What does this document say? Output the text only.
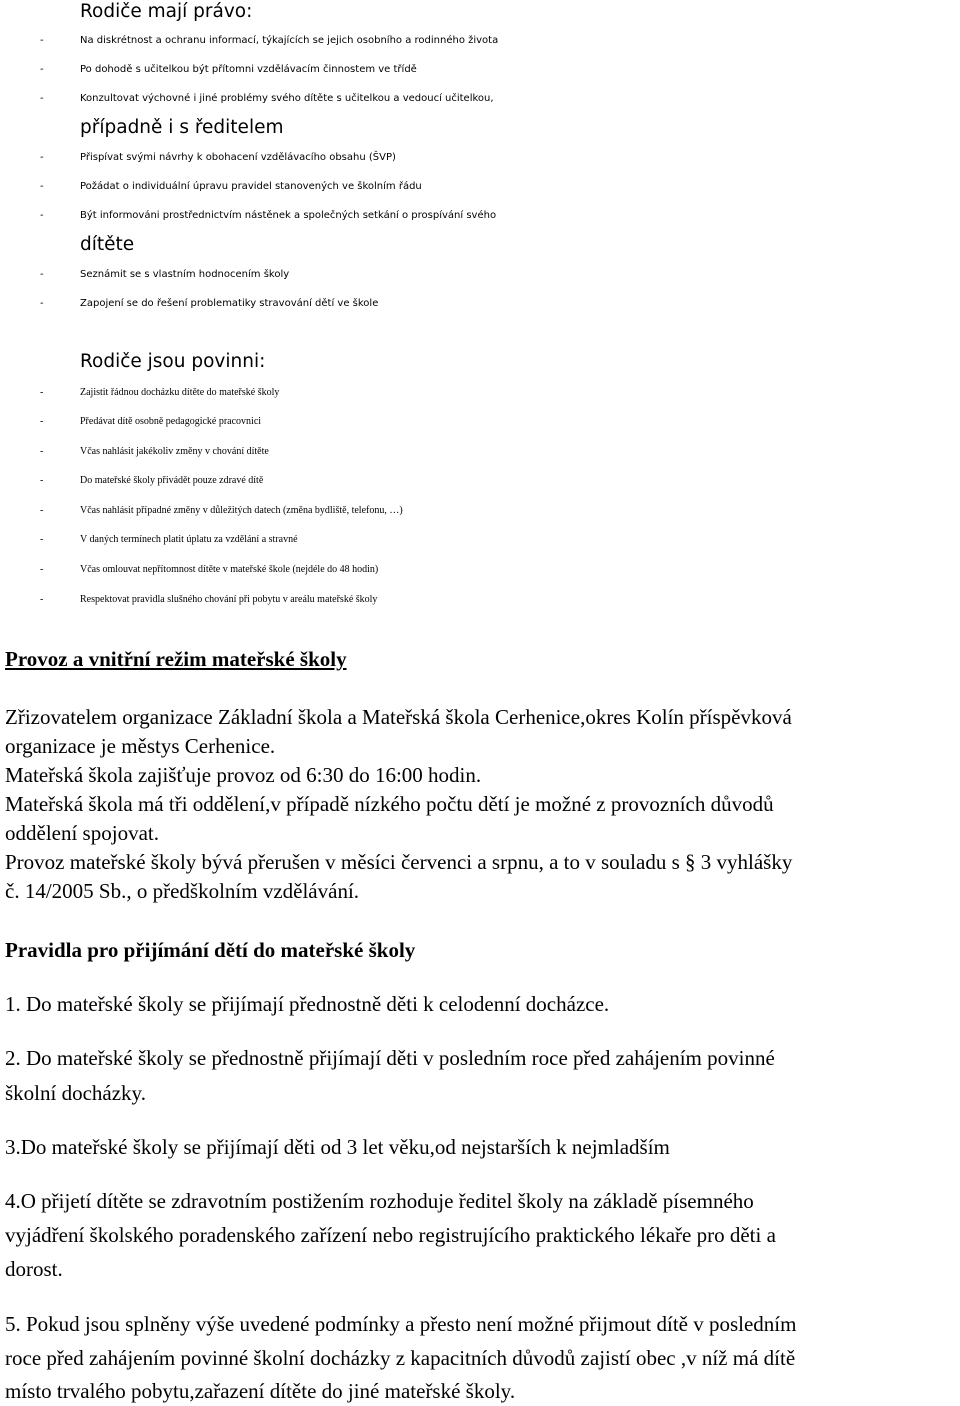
Rodiče mají právo:
-	Na diskrétnost a ochranu informací, týkajících se jejich osobního a rodinného života
-	Po dohodě s učitelkou být přítomni vzdělávacím činnostem ve třídě
-	Konzultovat výchovné i jiné problémy svého dítěte s učitelkou a vedoucí učitelkou,
případně i s ředitelem
-	Přispívat svými návrhy k obohacení vzdělávacího obsahu (ŠVP)
-	Požádat o individuální úpravu pravidel stanovených ve školním řádu
-	Být informováni prostřednictvím nástěnek a společných setkání o prospívání svého
dítěte
-	Seznámit se s vlastním hodnocením školy
-	Zapojení se do řešení problematiky stravování dětí ve škole
Rodiče jsou povinni:
-	Zajistit řádnou docházku dítěte do mateřské školy
-	Předávat dítě osobně pedagogické pracovnici
-	Včas nahlásit jakékoliv změny v chování dítěte
-	Do mateřské školy přivádět pouze zdravé dítě
-	Včas nahlásit případné změny v důležitých datech (změna bydliště, telefonu, …)
-	V daných termínech platit úplatu za vzdělání a stravné
-	Včas omlouvat nepřítomnost dítěte v mateřské škole (nejdéle do 48 hodin)
-	Respektovat pravidla slušného chování při pobytu v areálu mateřské školy
Provoz a vnitřní režim mateřské školy
Zřizovatelem organizace Základní škola a Mateřská škola Cerhenice,okres Kolín příspěvková
organizace je městys Cerhenice.
Mateřská škola zajišťuje provoz od 6:30 do 16:00 hodin.
Mateřská škola má tři oddělení,v případě nízkého počtu dětí je možné z provozních důvodů
oddělení spojovat.
Provoz mateřské školy bývá přerušen v měsíci červenci a srpnu, a to v souladu s § 3 vyhlášky
č. 14/2005 Sb., o předškolním vzdělávání.
Pravidla pro přijímání dětí do mateřské školy
1. Do mateřské školy se přijímají přednostně děti k celodenní docházce.
2. Do mateřské školy se přednostně přijímají děti v posledním roce před zahájením povinné
školní docházky.
3.Do mateřské školy se přijímají děti od 3 let věku,od nejstarších k nejmladším
4.O přijetí dítěte se zdravotním postižením rozhoduje ředitel školy na základě písemného
vyjádření školského poradenského zařízení nebo registrujícího praktického lékaře pro děti a
dorost.
5. Pokud jsou splněny výše uvedené podmínky a přesto není možné přijmout dítě v posledním
roce před zahájením povinné školní docházky z kapacitních důvodů zajistí obec ,v níž má dítě
místo trvalého pobytu,zařazení dítěte do jiné mateřské školy.
